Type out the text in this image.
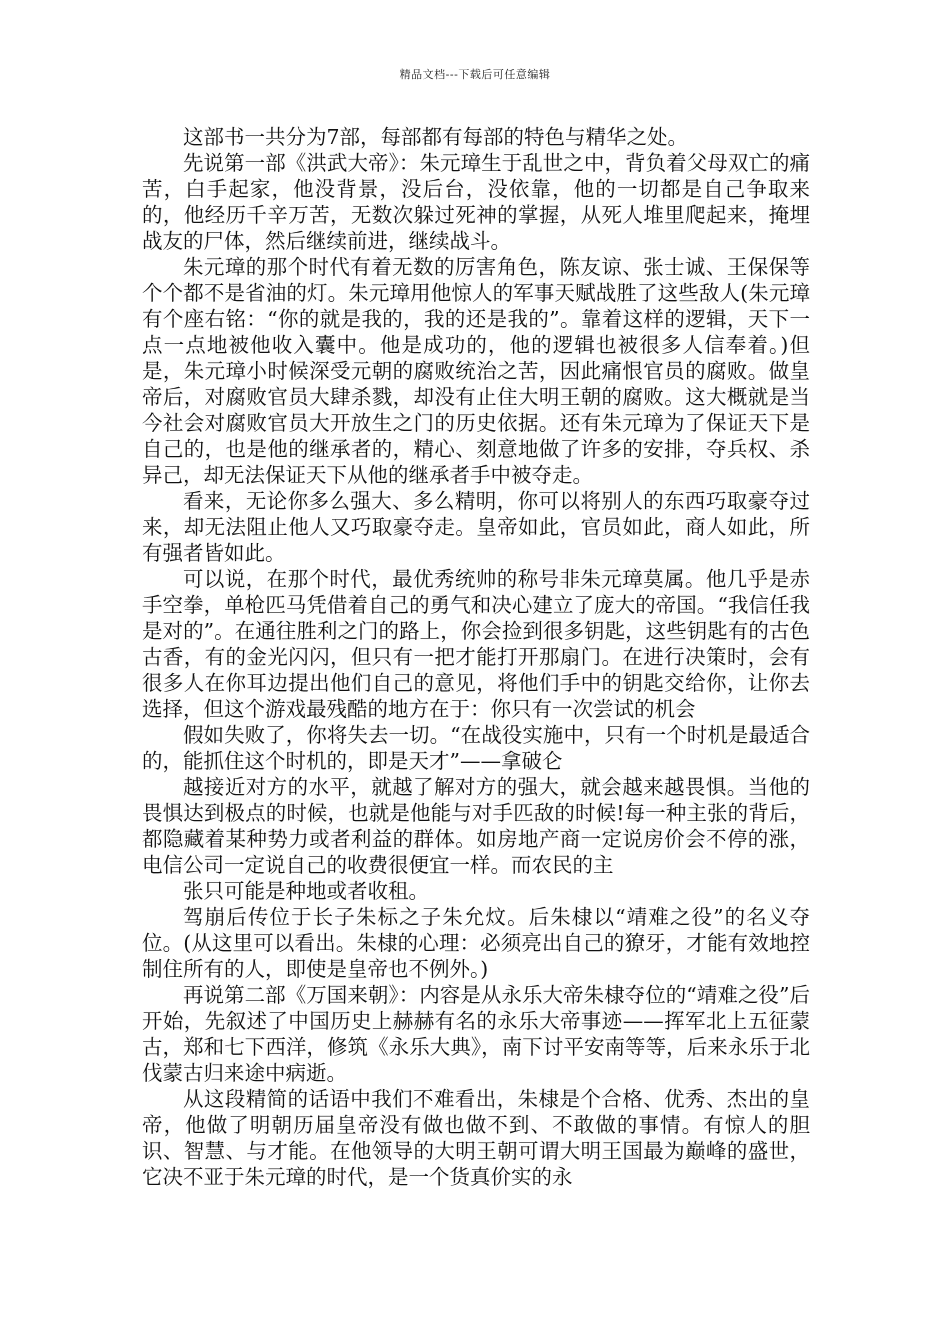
精品文档---下载后可任意编辑

这部书一共分为7部，每部都有每部的特色与精华之处。

先说第一部《洪武大帝》：朱元璋生于乱世之中，背负着父母双亡的痛苦，白手起家，他没背景，没后台，没依靠，他的一切都是自己争取来的，他经历千辛万苦，无数次躲过死神的掌握，从死人堆里爬起来，掩埋战友的尸体，然后继续前进，继续战斗。

朱元璋的那个时代有着无数的厉害角色，陈友谅、张士诚、王保保等个个都不是省油的灯。朱元璋用他惊人的军事天赋战胜了这些敌人(朱元璋有个座右铭：“你的就是我的，我的还是我的”。靠着这样的逻辑，天下一点一点地被他收入囊中。他是成功的，他的逻辑也被很多人信奉着。)但是，朱元璋小时候深受元朝的腐败统治之苦，因此痛恨官员的腐败。做皇帝后，对腐败官员大肆杀戮，却没有止住大明王朝的腐败。这大概就是当今社会对腐败官员大开放生之门的历史依据。还有朱元璋为了保证天下是自己的，也是他的继承者的，精心、刻意地做了许多的安排，夺兵权、杀异己，却无法保证天下从他的继承者手中被夺走。

看来，无论你多么强大、多么精明，你可以将别人的东西巧取豪夺过来，却无法阻止他人又巧取豪夺走。皇帝如此，官员如此，商人如此，所有强者皆如此。

可以说，在那个时代，最优秀统帅的称号非朱元璋莫属。他几乎是赤手空拳，单枪匹马凭借着自己的勇气和决心建立了庞大的帝国。“我信任我是对的”。在通往胜利之门的路上，你会捡到很多钥匙，这些钥匙有的古色古香，有的金光闪闪，但只有一把才能打开那扇门。在进行决策时，会有很多人在你耳边提出他们自己的意见，将他们手中的钥匙交给你，让你去选择，但这个游戏最残酷的地方在于：你只有一次尝试的机会

假如失败了，你将失去一切。“在战役实施中，只有一个时机是最适合的，能抓住这个时机的，即是天才”——拿破仑

越接近对方的水平，就越了解对方的强大，就会越来越畏惧。当他的畏惧达到极点的时候，也就是他能与对手匹敌的时候!每一种主张的背后，都隐藏着某种势力或者利益的群体。如房地产商一定说房价会不停的涨，电信公司一定说自己的收费很便宜一样。而农民的主

张只可能是种地或者收租。

驾崩后传位于长子朱标之子朱允炆。后朱棣以“靖难之役”的名义夺位。(从这里可以看出。朱棣的心理：必须亮出自己的獠牙，才能有效地控制住所有的人，即使是皇帝也不例外。)

再说第二部《万国来朝》：内容是从永乐大帝朱棣夺位的“靖难之役”后开始，先叙述了中国历史上赫赫有名的永乐大帝事迹——挥军北上五征蒙古，郑和七下西洋，修筑《永乐大典》，南下讨平安南等等，后来永乐于北伐蒙古归来途中病逝。

从这段精简的话语中我们不难看出，朱棣是个合格、优秀、杰出的皇帝，他做了明朝历届皇帝没有做也做不到、不敢做的事情。有惊人的胆识、智慧、与才能。在他领导的大明王朝可谓大明王国最为巅峰的盛世，它决不亚于朱元璋的时代，是一个货真价实的永
